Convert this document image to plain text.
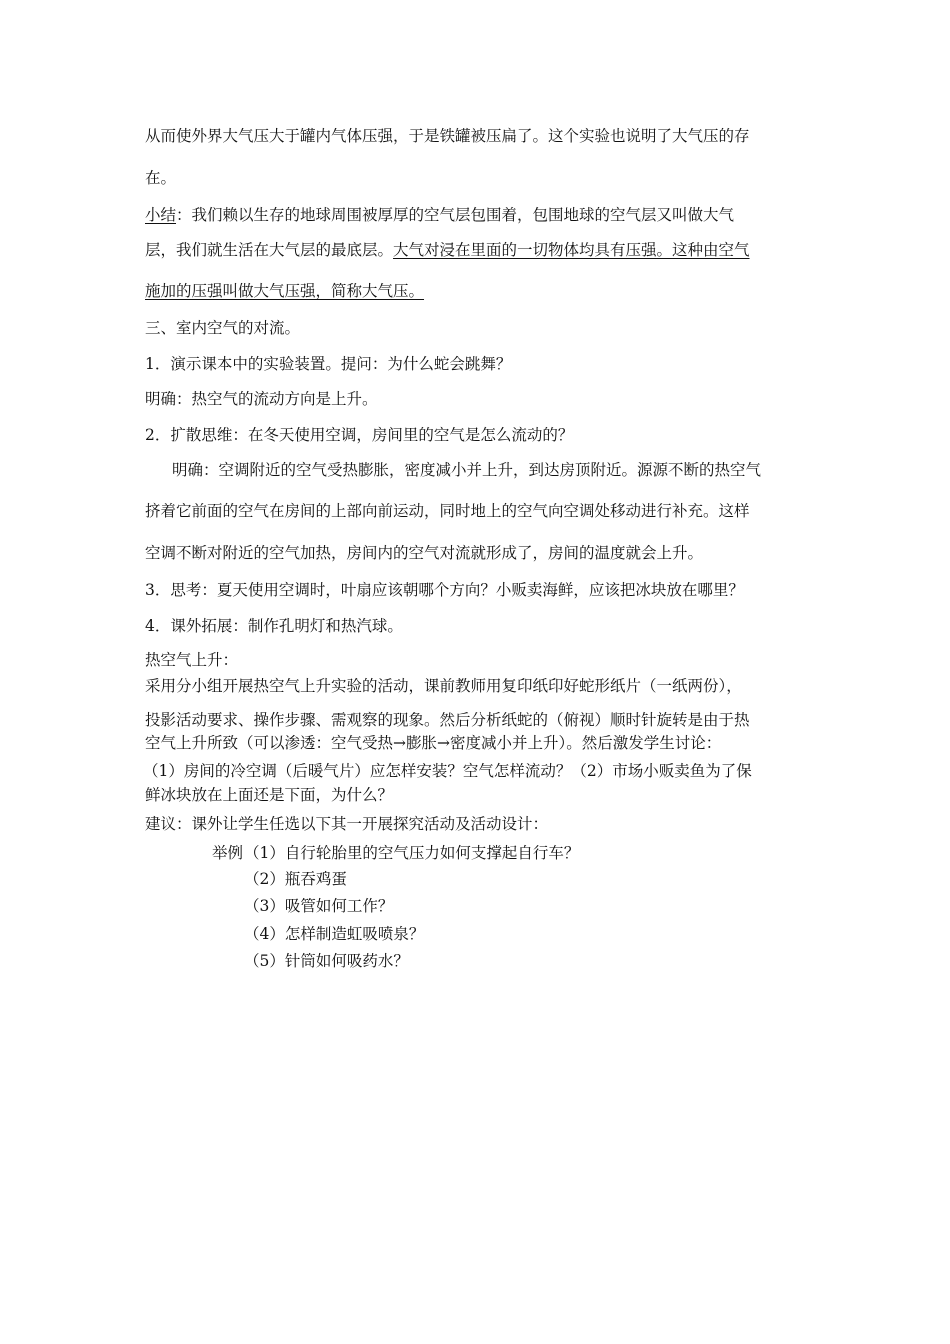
从而使外界大气压大于罐内气体压强，于是铁罐被压扁了。这个实验也说明了大气压的存
在。
小结：我们赖以生存的地球周围被厚厚的空气层包围着，包围地球的空气层又叫做大气
层，我们就生活在大气层的最底层。大气对浸在里面的一切物体均具有压强。这种由空气
施加的压强叫做大气压强，简称大气压。
三、室内空气的对流。
1．演示课本中的实验装置。提问：为什么蛇会跳舞？
明确：热空气的流动方向是上升。
2．扩散思维：在冬天使用空调，房间里的空气是怎么流动的？
明确：空调附近的空气受热膨胀，密度减小并上升，到达房顶附近。源源不断的热空气
挤着它前面的空气在房间的上部向前运动，同时地上的空气向空调处移动进行补充。这样
空调不断对附近的空气加热，房间内的空气对流就形成了，房间的温度就会上升。
3．思考：夏天使用空调时，叶扇应该朝哪个方向？小贩卖海鲜，应该把冰块放在哪里？
4．课外拓展：制作孔明灯和热汽球。
热空气上升：
采用分小组开展热空气上升实验的活动，课前教师用复印纸印好蛇形纸片（一纸两份），
投影活动要求、操作步骤、需观察的现象。然后分析纸蛇的（俯视）顺时针旋转是由于热
空气上升所致（可以渗透：空气受热→膨胀→密度减小并上升）。然后激发学生讨论：
（1）房间的冷空调（后暖气片）应怎样安装？空气怎样流动？（2）市场小贩卖鱼为了保
鲜冰块放在上面还是下面，为什么？
建议：课外让学生任选以下其一开展探究活动及活动设计：
举例 （1）自行轮胎里的空气压力如何支撑起自行车？
（2）瓶吞鸡蛋
（3）吸管如何工作？
（4）怎样制造虹吸喷泉？
（5）针筒如何吸药水？
